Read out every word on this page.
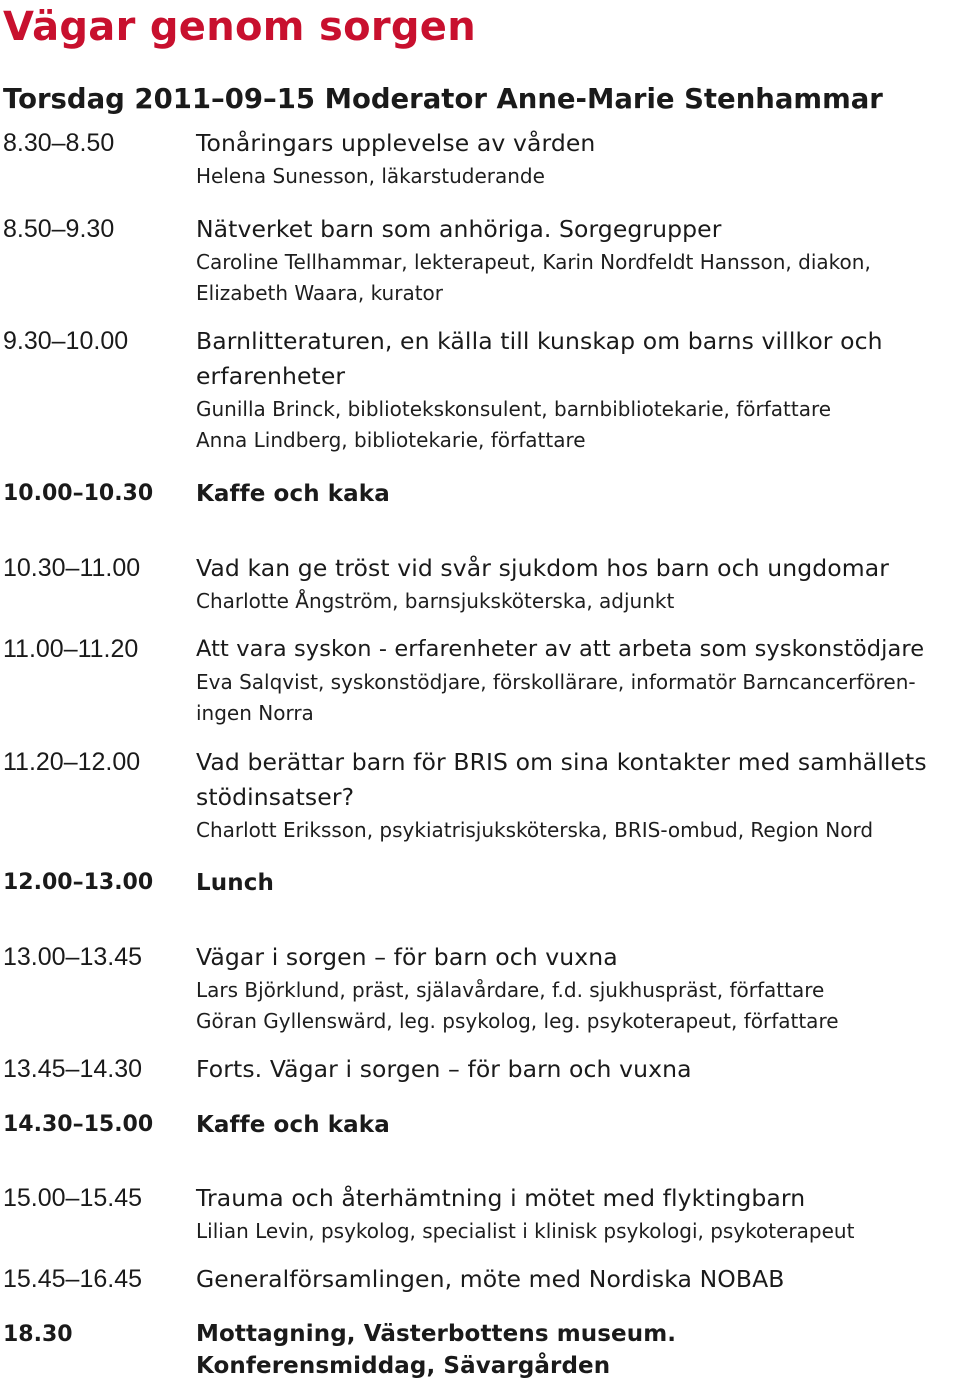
Vägar genom sorgen
Torsdag 2011–09–15 Moderator Anne-Marie Stenhammar
8.30–8.50	Tonåringars upplevelse av vården
Helena Sunesson, läkarstuderande
8.50–9.30	Nätverket barn som anhöriga. Sorgegrupper
Caroline Tellhammar, lekterapeut, Karin Nordfeldt Hansson, diakon,
Elizabeth Waara, kurator
9.30–10.00	Barnlitteraturen, en källa till kunskap om barns villkor och
erfarenheter
Gunilla Brinck, bibliotekskonsulent, barnbibliotekarie, författare
Anna Lindberg, bibliotekarie, författare
10.00–10.30 Kaffe och kaka
10.30–11.00 Vad kan ge tröst vid svår sjukdom hos barn och ungdomar
Charlotte Ångström, barnsjuksköterska, adjunkt
11.00–11.20	Att vara syskon - erfarenheter av att arbeta som syskonstödjare
Eva Salqvist, syskonstödjare, förskollärare, informatör Barncancerfören-
ingen Norra
11.20–12.00 Vad berättar barn för BRIS om sina kontakter med samhällets
stödinsatser?
Charlott Eriksson, psykiatrisjuksköterska, BRIS-ombud, Region Nord
12.00–13.00 Lunch
13.00–13.45 Vägar i sorgen – för barn och vuxna
Lars Björklund, präst, själavårdare, f.d. sjukhuspräst, författare
Göran Gyllenswärd, leg. psykolog, leg. psykoterapeut, författare
13.45–14.30 Forts. Vägar i sorgen – för barn och vuxna
14.30–15.00 Kaffe och kaka
15.00–15.45 Trauma och återhämtning i mötet med flyktingbarn
Lilian Levin, psykolog, specialist i klinisk psykologi, psykoterapeut
15.45–16.45 Generalförsamlingen, möte med Nordiska NOBAB
18.30	Mottagning, Västerbottens museum.
Konferensmiddag, Sävargården
